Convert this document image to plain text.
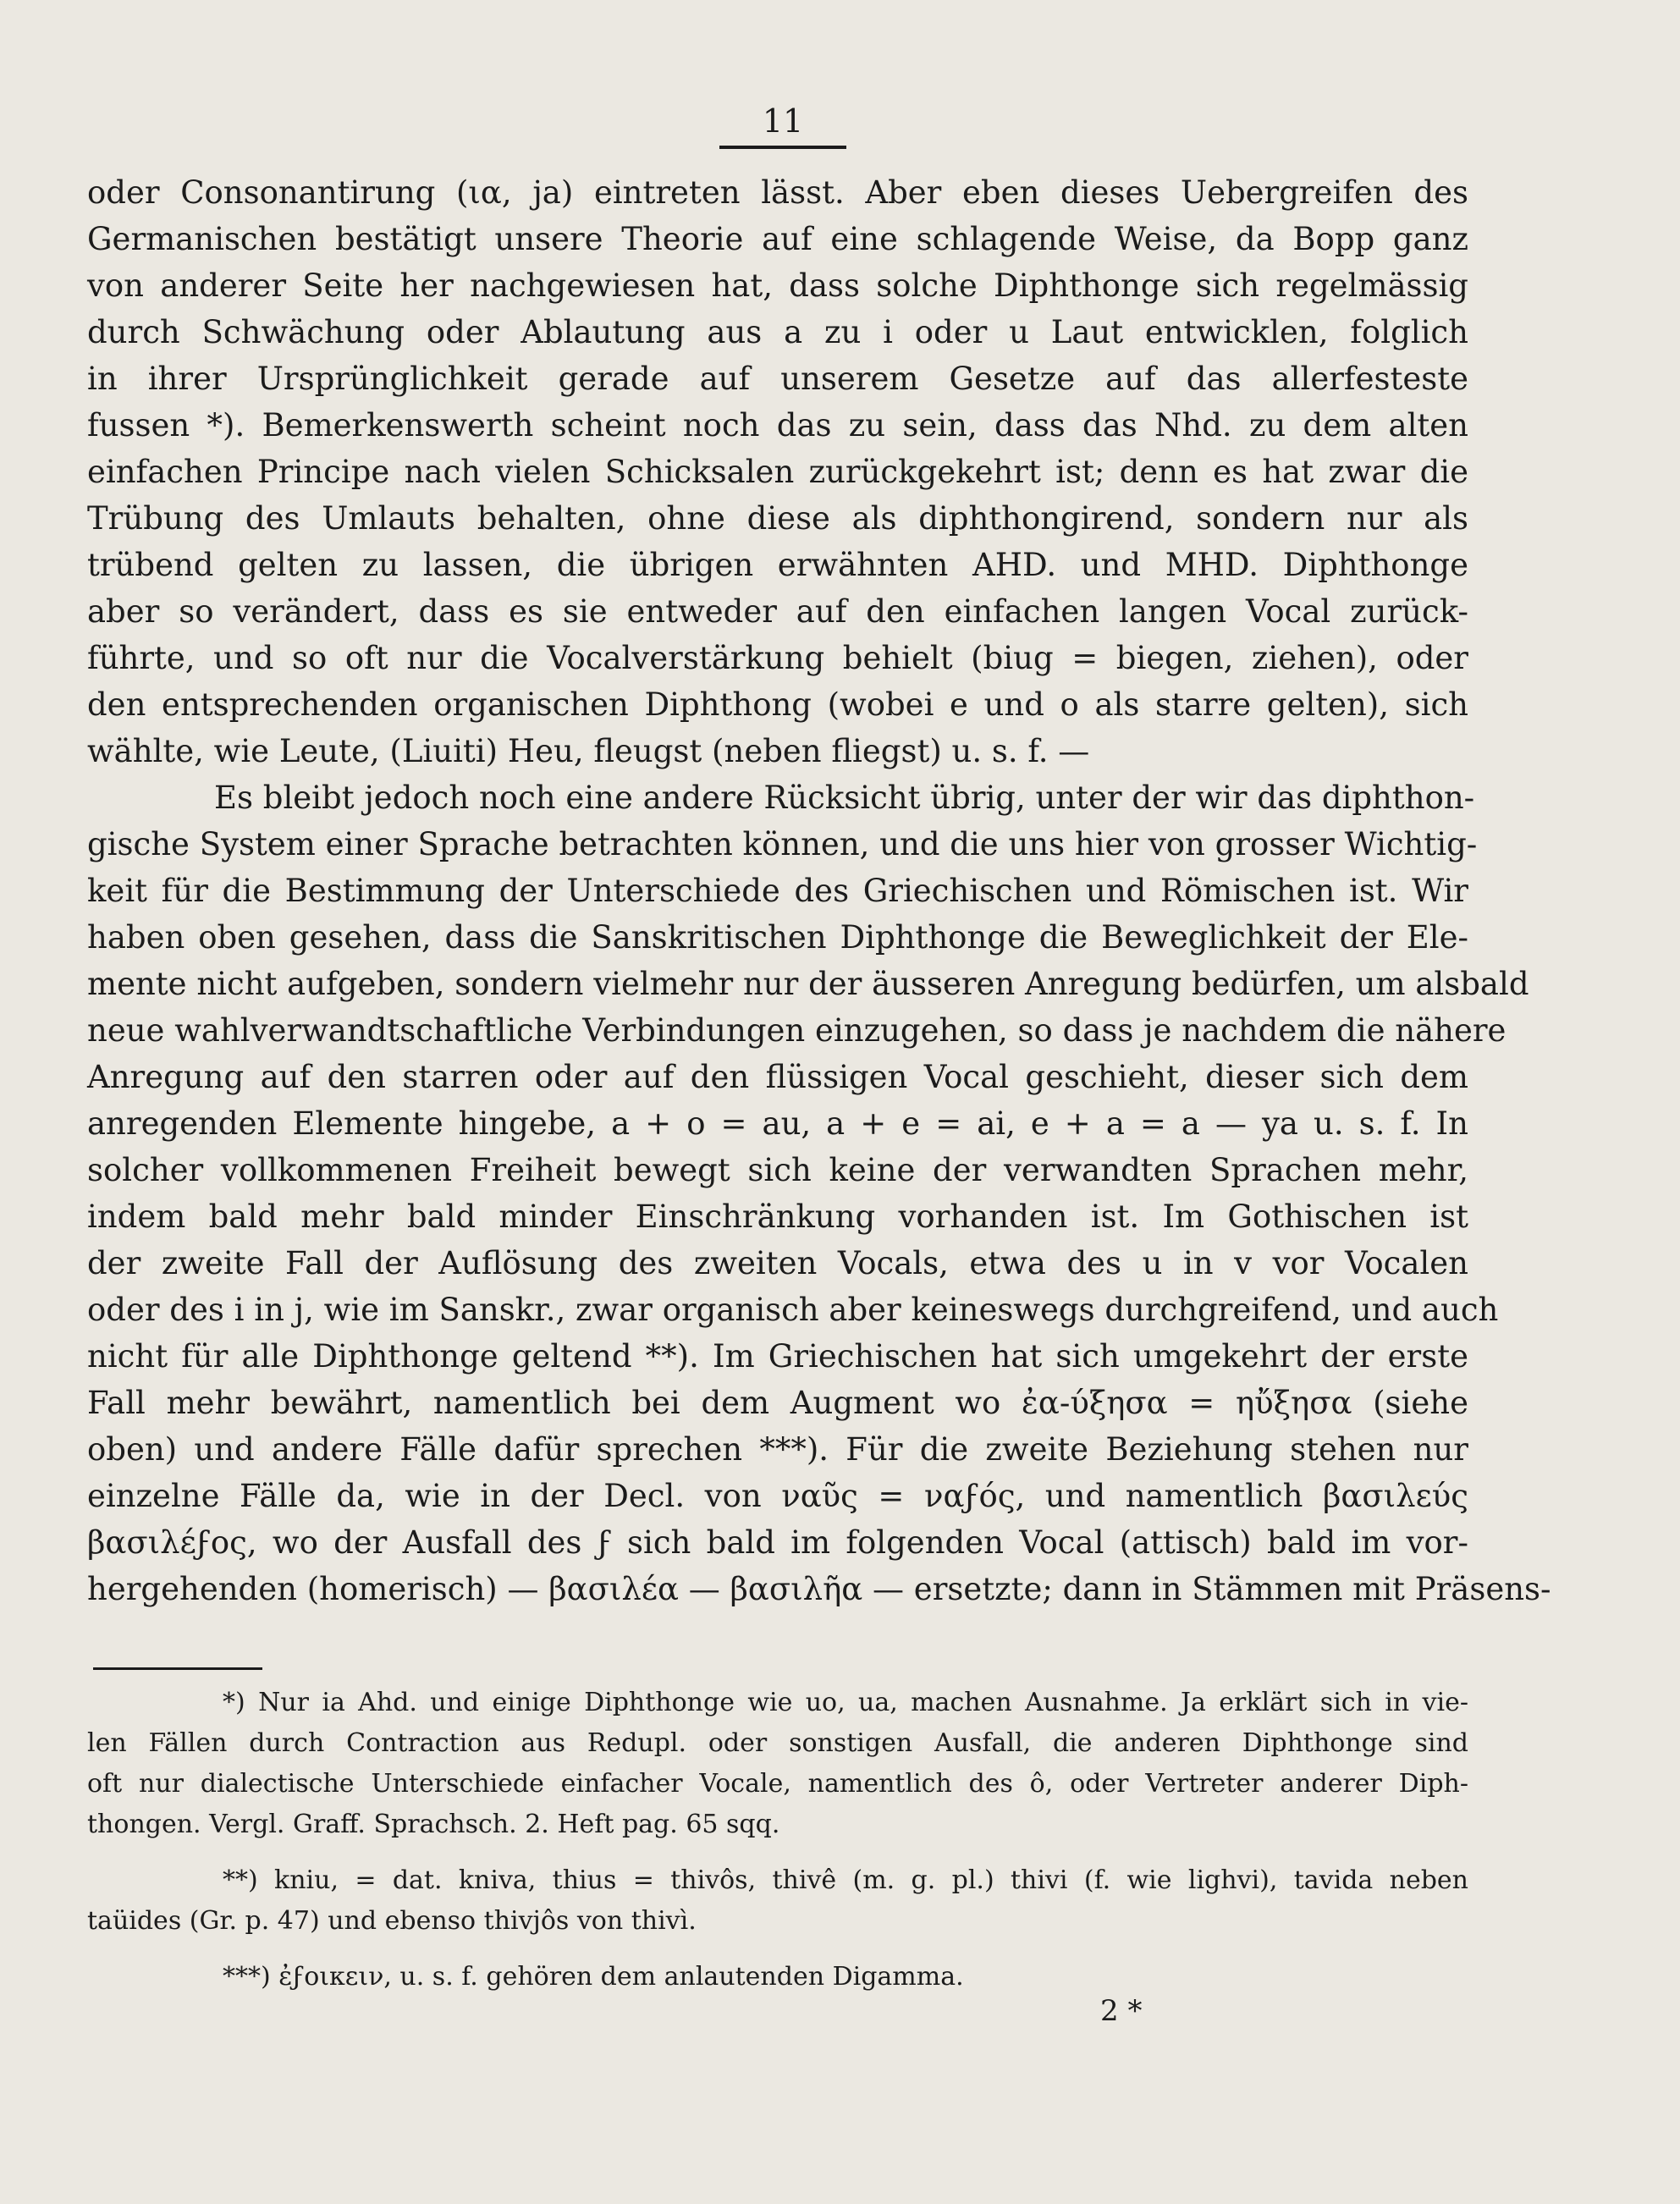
11
oder Consonantirung (ια, ja) eintreten lässt. Aber eben dieses Uebergreifen des
Germanischen bestätigt unsere Theorie auf eine schlagende Weise, da Bopp ganz
von anderer Seite her nachgewiesen hat, dass solche Diphthonge sich regelmässig
durch Schwächung oder Ablautung aus a zu i oder u Laut entwicklen, folglich
in ihrer Ursprünglichkeit gerade auf unserem Gesetze auf das allerfesteste
fussen *). Bemerkenswerth scheint noch das zu sein, dass das Nhd. zu dem alten
einfachen Principe nach vielen Schicksalen zurückgekehrt ist; denn es hat zwar die
Trübung des Umlauts behalten, ohne diese als diphthongirend, sondern nur als
trübend gelten zu lassen, die übrigen erwähnten AHD. und MHD. Diphthonge
aber so verändert, dass es sie entweder auf den einfachen langen Vocal zurück-
führte, und so oft nur die Vocalverstärkung behielt (biug = biegen, ziehen), oder
den entsprechenden organischen Diphthong (wobei e und o als starre gelten), sich
wählte, wie Leute, (Liuiti) Heu, fleugst (neben fliegst) u. s. f. —
Es bleibt jedoch noch eine andere Rücksicht übrig, unter der wir das diphthon-
gische System einer Sprache betrachten können, und die uns hier von grosser Wichtig-
keit für die Bestimmung der Unterschiede des Griechischen und Römischen ist. Wir
haben oben gesehen, dass die Sanskritischen Diphthonge die Beweglichkeit der Ele-
mente nicht aufgeben, sondern vielmehr nur der äusseren Anregung bedürfen, um alsbald
neue wahlverwandtschaftliche Verbindungen einzugehen, so dass je nachdem die nähere
Anregung auf den starren oder auf den flüssigen Vocal geschieht, dieser sich dem
anregenden Elemente hingebe, a + o = au, a + e = ai, e + a = a — ya u. s. f. In
solcher vollkommenen Freiheit bewegt sich keine der verwandten Sprachen mehr,
indem bald mehr bald minder Einschränkung vorhanden ist. Im Gothischen ist
der zweite Fall der Auflösung des zweiten Vocals, etwa des u in v vor Vocalen
oder des i in j, wie im Sanskr., zwar organisch aber keineswegs durchgreifend, und auch
nicht für alle Diphthonge geltend **). Im Griechischen hat sich umgekehrt der erste
Fall mehr bewährt, namentlich bei dem Augment wo ἐα-ύξησα = ηὔξησα (siehe
oben) und andere Fälle dafür sprechen ***). Für die zweite Beziehung stehen nur
einzelne Fälle da, wie in der Decl. von ναῦς = ναϝός, und namentlich βασιλεύς
βασιλέϝος, wo der Ausfall des ϝ sich bald im folgenden Vocal (attisch) bald im vor-
hergehenden (homerisch) — βασιλέα — βασιλῆα — ersetzte; dann in Stämmen mit Präsens-
*) Nur ia Ahd. und einige Diphthonge wie uo, ua, machen Ausnahme. Ja erklärt sich in vie-
len Fällen durch Contraction aus Redupl. oder sonstigen Ausfall, die anderen Diphthonge sind
oft nur dialectische Unterschiede einfacher Vocale, namentlich des ô, oder Vertreter anderer Diph-
thongen. Vergl. Graff. Sprachsch. 2. Heft pag. 65 sqq.
**) kniu, = dat. kniva, thius = thivôs, thivê (m. g. pl.) thivi (f. wie lighvi), tavida neben
taüides (Gr. p. 47) und ebenso thivjôs von thivì.
***) ἐϝοικειν, u. s. f. gehören dem anlautenden Digamma.
2 *
